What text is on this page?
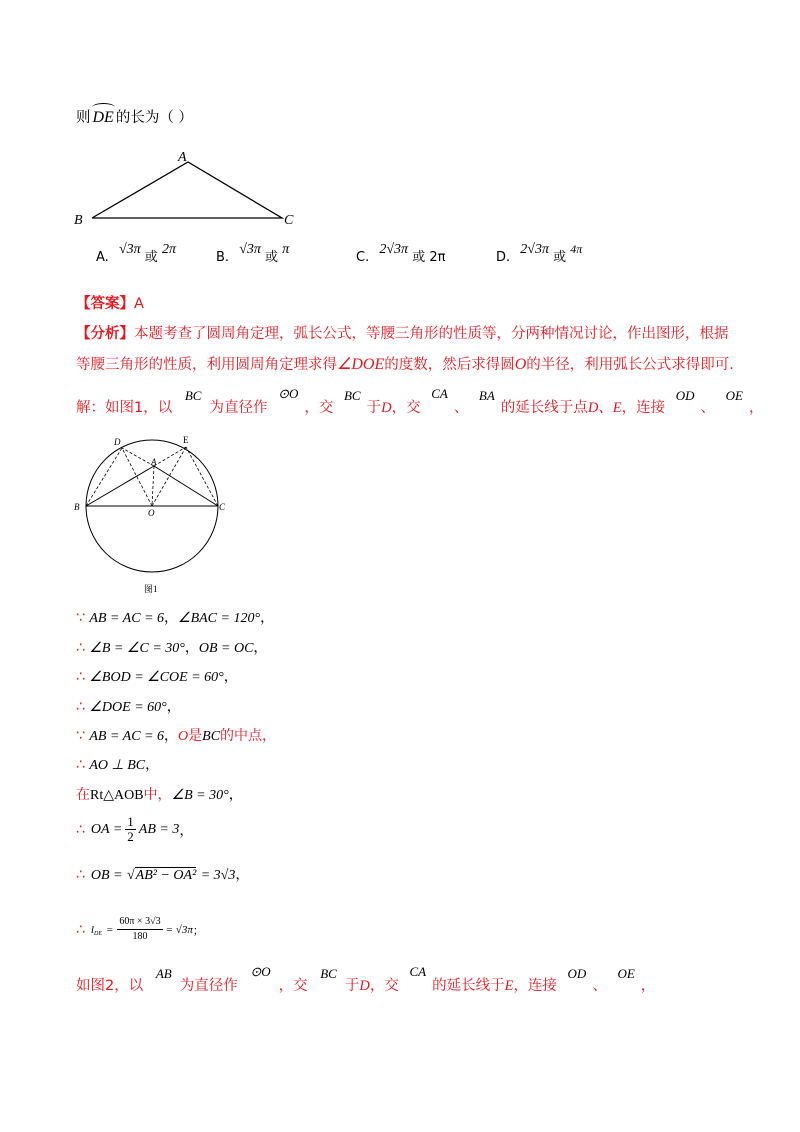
则 DE 的长为（ ）
A
B	C
A. √3π 或 2π
B. √3π 或 π
C. 2√3π 或 2π	D. 2√3π 或 4π
【答案】A
【分析】本题考查了圆周角定理，弧长公式，等腰三角形的性质等，分两种情况讨论，作出图形，根据
等腰三角形的性质，利用圆周角定理求得∠DOE的度数，然后求得圆O的半径，利用弧长公式求得即可.
解：如图1，以 BC为直径作 ⊙O，交 BC于D，交 CA、 BA的延长线于点D、E，连接 OD、 OE，
D	E
A
B	C
O
图1
∵ AB = AC = 6，∠BAC = 120°，
∴ ∠B = ∠C = 30°，OB = OC，
∴ ∠BOD = ∠COE = 60°，
∴ ∠DOE = 60°，
∵ AB = AC = 6，O是BC的中点，
∴ AO ⊥ BC，
在Rt△AOB中，∠B = 30°，
∴ OA = $\frac{1}{2}$ AB = 3 ，
∴ OB = √AB² − OA² = 3√3，
∴ l DE = $\frac{60\pi \times 3√3}{180} = √3\pi$ ；
如图2，以 AB为直径作 ⊙O，交 BC于D，交 CA的延长线于E，连接 OD、 OE，
